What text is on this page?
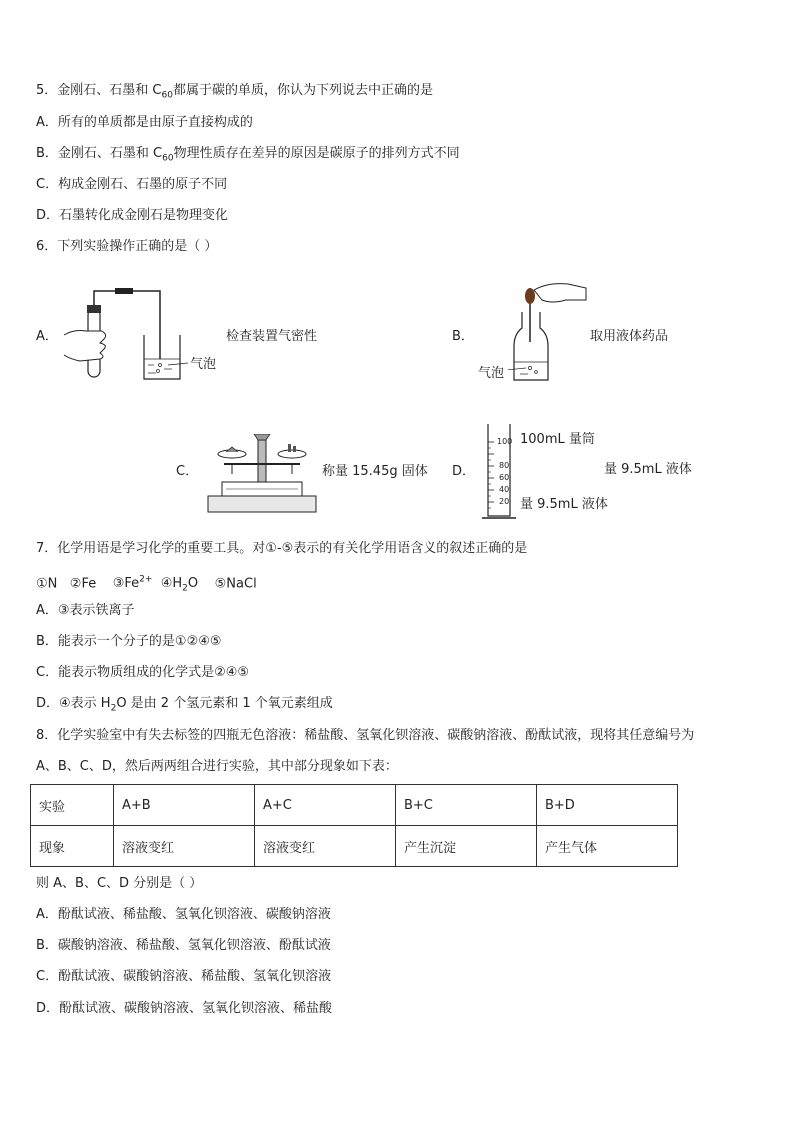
5．金刚石、石墨和 $C_{60}$都属于碳的单质，你认为下列说去中正确的是
A．所有的单质都是由原子直接构成的
B．金刚石、石墨和 $C_{60}$物理性质存在差异的原因是碳原子的排列方式不同
C．构成金刚石、石墨的原子不同
D．石墨转化成金刚石是物理变化
6．下列实验操作正确的是（ ）
A．
气泡
检查装置气密性	B．
气泡
取用液体药品
C．	称量 15.45g 固体 D．
100
80
60
40
20
100mL 量筒
量 9.5mL 液体
量 9.5mL 液体
7．化学用语是学习化学的重要工具。对①-⑤表示的有关化学用语含义的叙述正确的是
①N ②Fe $③Fe^{2+}$ $④H_2O$ ⑤NaCl
A．③表示铁离子
B．能表示一个分子的是①②④⑤
C．能表示物质组成的化学式是②④⑤
D．④表示 $H_2O$ 是由 2 个氢元素和 1 个氧元素组成
8．化学实验室中有失去标签的四瓶无色溶液：稀盐酸、氢氧化钡溶液、碳酸钠溶液、酚酞试液，现将其任意编号为
A、B、C、D，然后两两组合进行实验，其中部分现象如下表：
实验	A+B	A+C	B+C	B+D
现象	溶液变红	溶液变红	产生沉淀	产生气体
则 A、B、C、D 分别是（ ）
A．酚酞试液、稀盐酸、氢氧化钡溶液、碳酸钠溶液
B．碳酸钠溶液、稀盐酸、氢氧化钡溶液、酚酞试液
C．酚酞试液、碳酸钠溶液、稀盐酸、氢氧化钡溶液
D．酚酞试液、碳酸钠溶液、氢氧化钡溶液、稀盐酸
